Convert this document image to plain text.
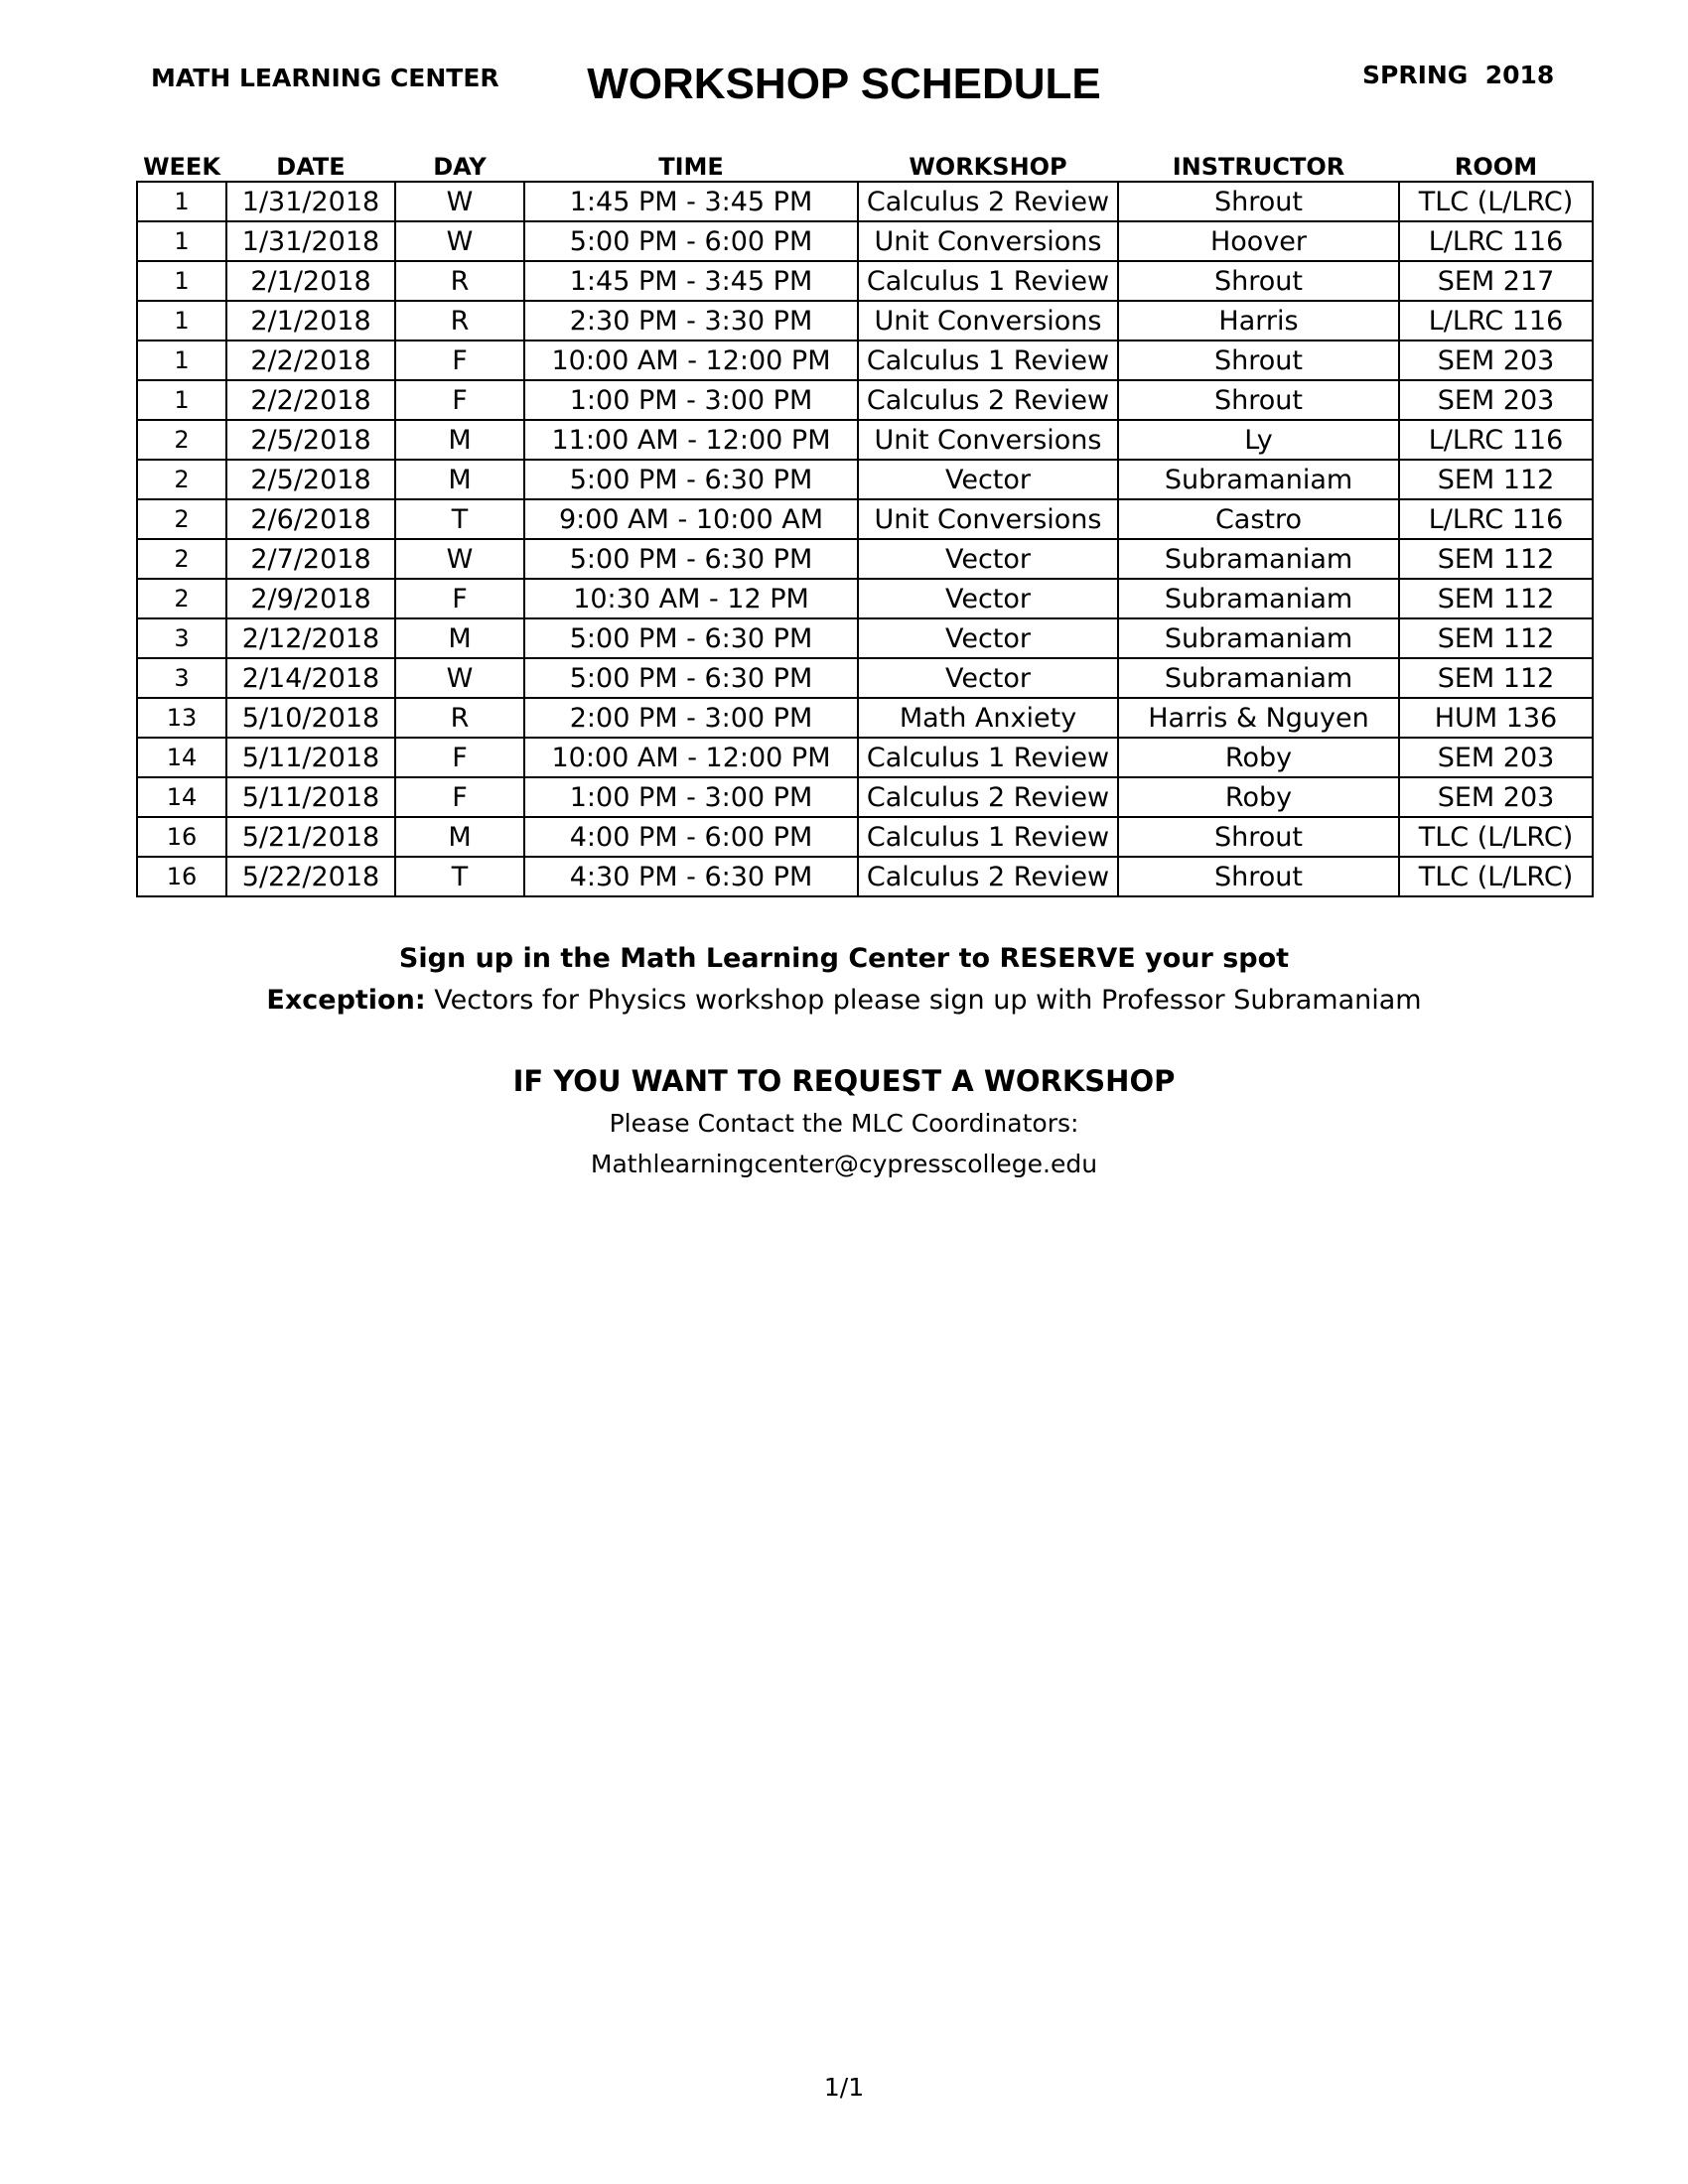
MATH LEARNING CENTER	WORKSHOP SCHEDULE	SPRING  2018
WEEK	DATE	DAY	TIME	WORKSHOP	INSTRUCTOR	ROOM
1	1/31/2018	W	1:45 PM - 3:45 PM	Calculus 2 Review	Shrout	TLC (L/LRC)
1	1/31/2018	W	5:00 PM - 6:00 PM	Unit Conversions	Hoover	L/LRC 116
1	2/1/2018	R	1:45 PM - 3:45 PM	Calculus 1 Review	Shrout	SEM 217
1	2/1/2018	R	2:30 PM - 3:30 PM	Unit Conversions	Harris	L/LRC 116
1	2/2/2018	F	10:00 AM - 12:00 PM	Calculus 1 Review	Shrout	SEM 203
1	2/2/2018	F	1:00 PM - 3:00 PM	Calculus 2 Review	Shrout	SEM 203
2	2/5/2018	M	11:00 AM - 12:00 PM	Unit Conversions	Ly	L/LRC 116
2	2/5/2018	M	5:00 PM - 6:30 PM	Vector	Subramaniam	SEM 112
2	2/6/2018	T	9:00 AM - 10:00 AM	Unit Conversions	Castro	L/LRC 116
2	2/7/2018	W	5:00 PM - 6:30 PM	Vector	Subramaniam	SEM 112
2	2/9/2018	F	10:30 AM - 12 PM	Vector	Subramaniam	SEM 112
3	2/12/2018	M	5:00 PM - 6:30 PM	Vector	Subramaniam	SEM 112
3	2/14/2018	W	5:00 PM - 6:30 PM	Vector	Subramaniam	SEM 112
13	5/10/2018	R	2:00 PM - 3:00 PM	Math Anxiety	Harris & Nguyen	HUM 136
14	5/11/2018	F	10:00 AM - 12:00 PM	Calculus 1 Review	Roby	SEM 203
14	5/11/2018	F	1:00 PM - 3:00 PM	Calculus 2 Review	Roby	SEM 203
16	5/21/2018	M	4:00 PM - 6:00 PM	Calculus 1 Review	Shrout	TLC (L/LRC)
16	5/22/2018	T	4:30 PM - 6:30 PM	Calculus 2 Review	Shrout	TLC (L/LRC)
Sign up in the Math Learning Center to RESERVE your spot
Exception: Vectors for Physics workshop please sign up with Professor Subramaniam
IF YOU WANT TO REQUEST A WORKSHOP
Please Contact the MLC Coordinators:
Mathlearningcenter@cypresscollege.edu
1/1
